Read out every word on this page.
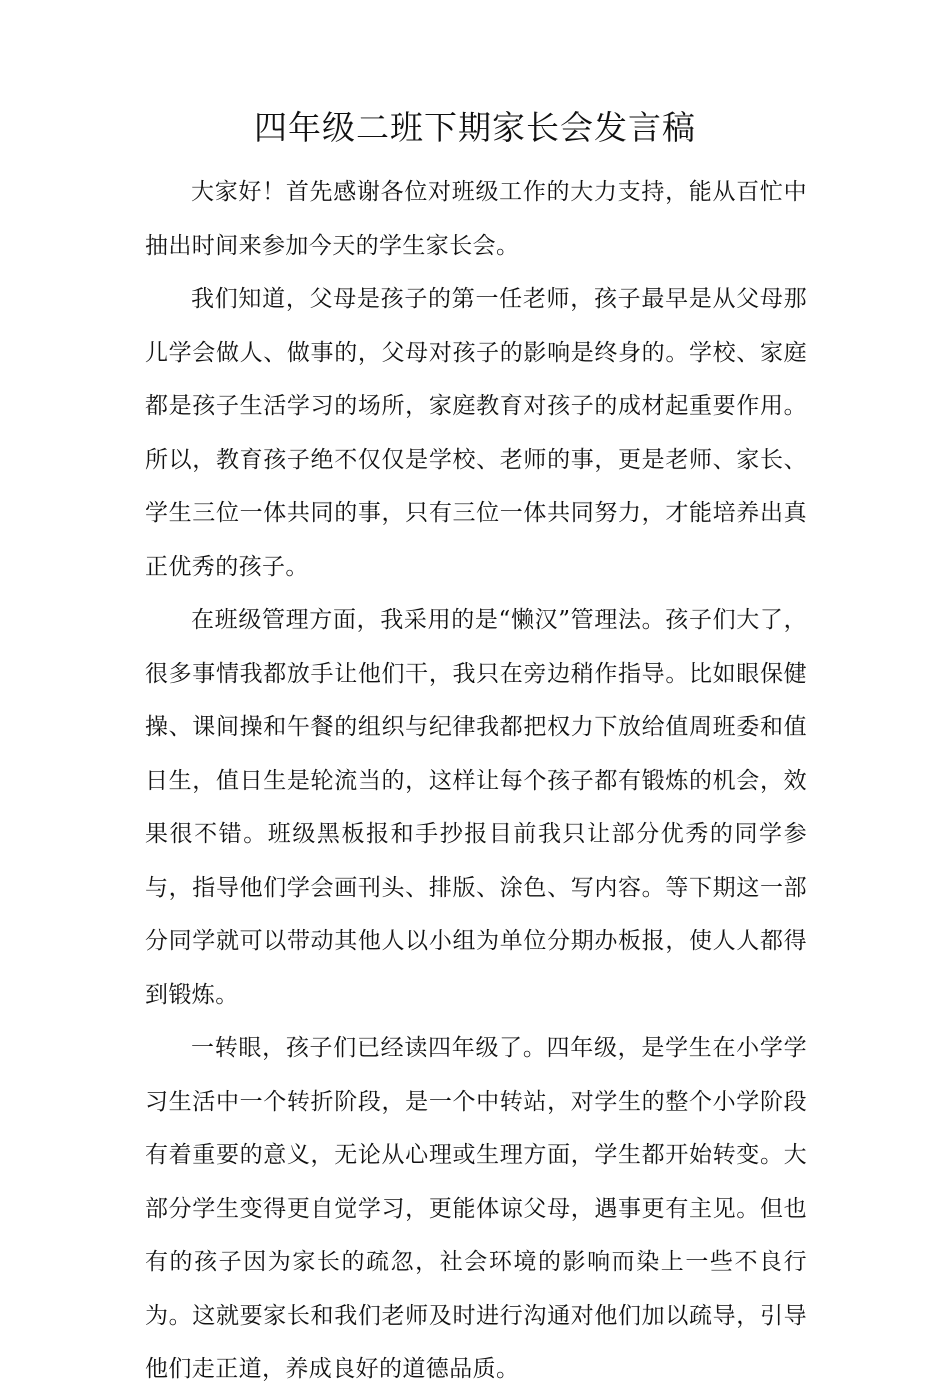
四年级二班下期家长会发言稿

大家好！首先感谢各位对班级工作的大力支持，能从百忙中抽出时间来参加今天的学生家长会。

我们知道，父母是孩子的第一任老师，孩子最早是从父母那儿学会做人、做事的，父母对孩子的影响是终身的。学校、家庭都是孩子生活学习的场所，家庭教育对孩子的成材起重要作用。所以，教育孩子绝不仅仅是学校、老师的事，更是老师、家长、学生三位一体共同的事，只有三位一体共同努力，才能培养出真正优秀的孩子。

在班级管理方面，我采用的是“懒汉”管理法。孩子们大了，很多事情我都放手让他们干，我只在旁边稍作指导。比如眼保健操、课间操和午餐的组织与纪律我都把权力下放给值周班委和值日生，值日生是轮流当的，这样让每个孩子都有锻炼的机会，效果很不错。班级黑板报和手抄报目前我只让部分优秀的同学参与，指导他们学会画刊头、排版、涂色、写内容。等下期这一部分同学就可以带动其他人以小组为单位分期办板报，使人人都得到锻炼。

一转眼，孩子们已经读四年级了。四年级，是学生在小学学习生活中一个转折阶段，是一个中转站，对学生的整个小学阶段有着重要的意义，无论从心理或生理方面，学生都开始转变。大部分学生变得更自觉学习，更能体谅父母，遇事更有主见。但也有的孩子因为家长的疏忽，社会环境的影响而染上一些不良行为。这就要家长和我们老师及时进行沟通对他们加以疏导，引导他们走正道，养成良好的道德品质。
